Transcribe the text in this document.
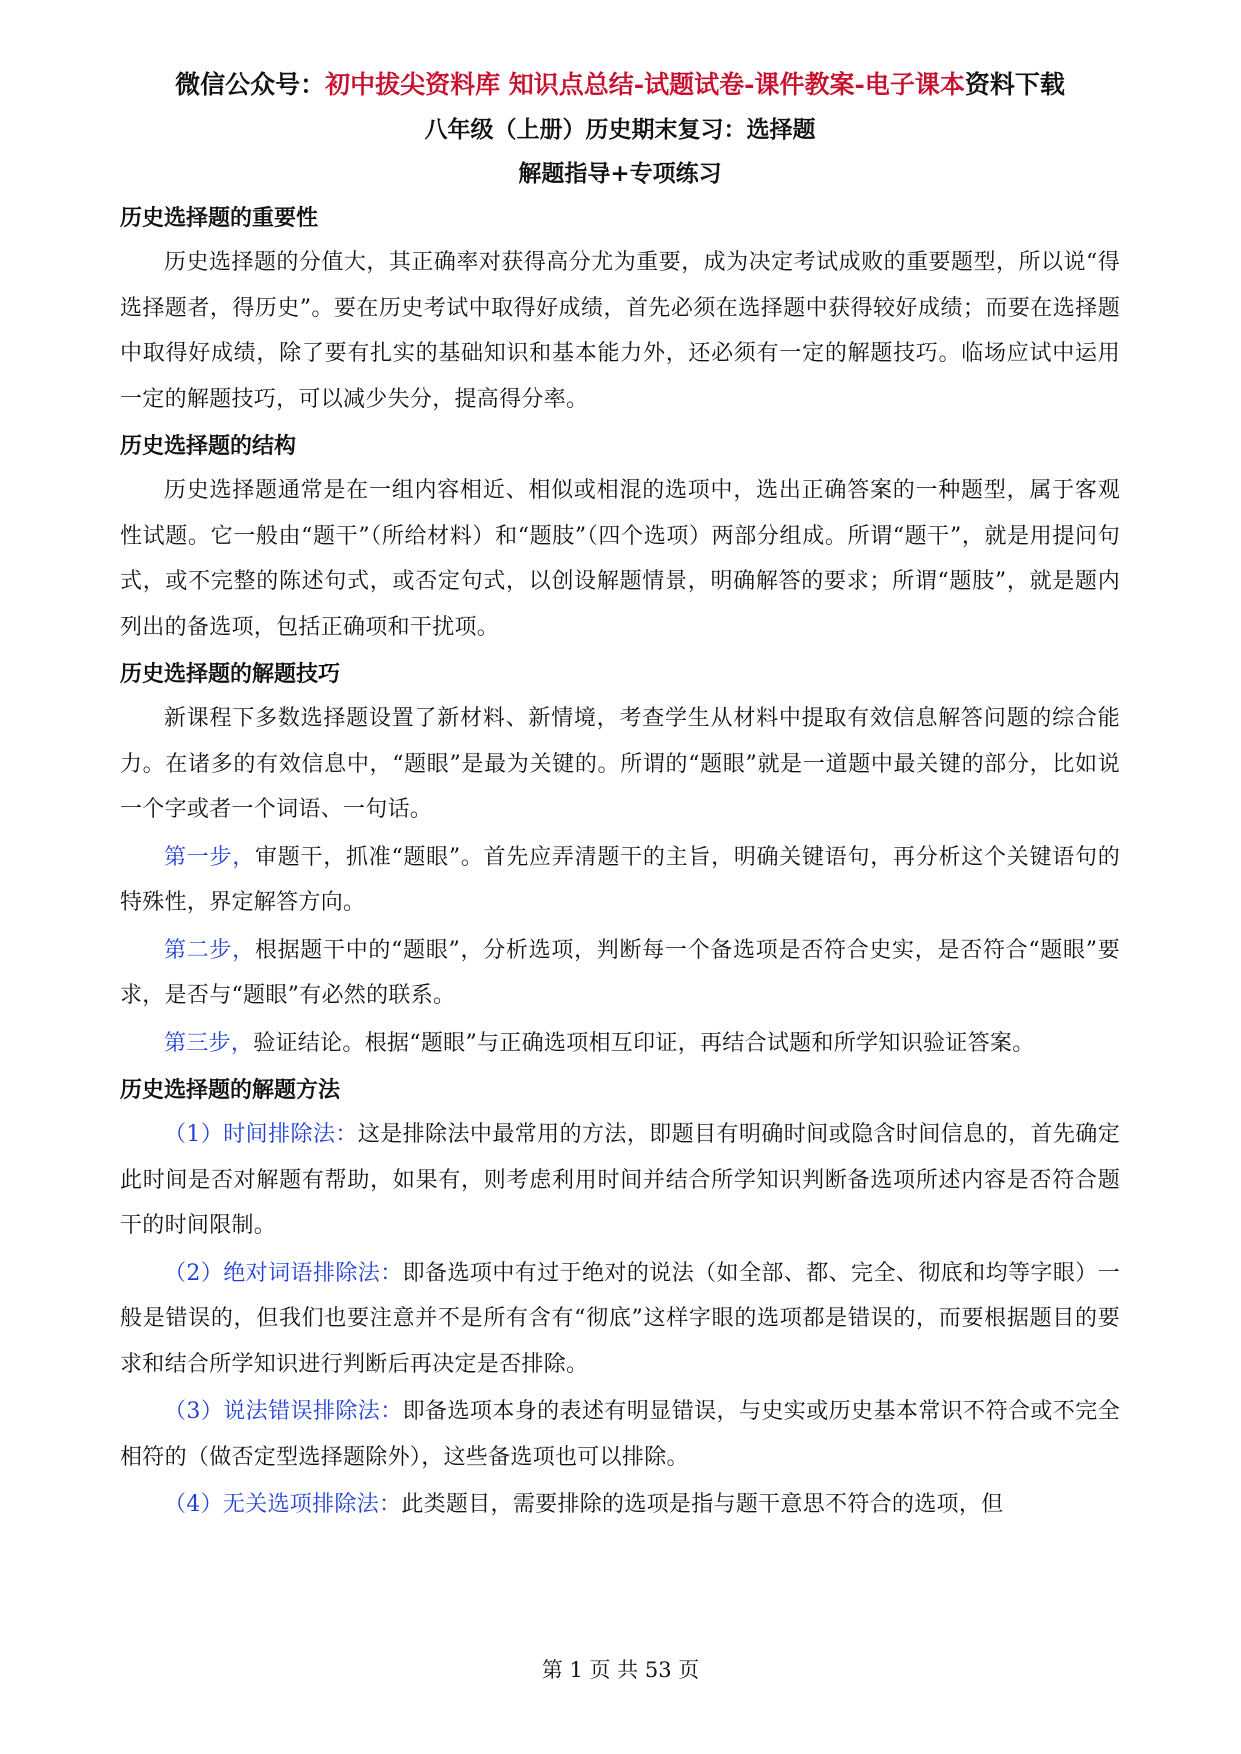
微信公众号：初中拔尖资料库 知识点总结-试题试卷-课件教案-电子课本资料下载
八年级（上册）历史期末复习：选择题
解题指导+专项练习
历史选择题的重要性

历史选择题的分值大，其正确率对获得高分尤为重要，成为决定考试成败的重要题型，所以说“得选择题者，得历史”。要在历史考试中取得好成绩，首先必须在选择题中获得较好成绩；而要在选择题中取得好成绩，除了要有扎实的基础知识和基本能力外，还必须有一定的解题技巧。临场应试中运用一定的解题技巧，可以减少失分，提高得分率。

历史选择题的结构

历史选择题通常是在一组内容相近、相似或相混的选项中，选出正确答案的一种题型，属于客观性试题。它一般由“题干”（所给材料）和“题肢”（四个选项）两部分组成。所谓“题干”，就是用提问句式，或不完整的陈述句式，或否定句式，以创设解题情景，明确解答的要求；所谓“题肢”，就是题内列出的备选项，包括正确项和干扰项。

历史选择题的解题技巧

新课程下多数选择题设置了新材料、新情境，考查学生从材料中提取有效信息解答问题的综合能力。在诸多的有效信息中，“题眼”是最为关键的。所谓的“题眼”就是一道题中最关键的部分，比如说一个字或者一个词语、一句话。

第一步，审题干，抓准“题眼”。首先应弄清题干的主旨，明确关键语句，再分析这个关键语句的特殊性，界定解答方向。

第二步，根据题干中的“题眼”，分析选项，判断每一个备选项是否符合史实，是否符合“题眼”要求，是否与“题眼”有必然的联系。

第三步，验证结论。根据“题眼”与正确选项相互印证，再结合试题和所学知识验证答案。

历史选择题的解题方法

（1）时间排除法：这是排除法中最常用的方法，即题目有明确时间或隐含时间信息的，首先确定此时间是否对解题有帮助，如果有，则考虑利用时间并结合所学知识判断备选项所述内容是否符合题干的时间限制。

（2）绝对词语排除法：即备选项中有过于绝对的说法（如全部、都、完全、彻底和均等字眼）一般是错误的，但我们也要注意并不是所有含有“彻底”这样字眼的选项都是错误的，而要根据题目的要求和结合所学知识进行判断后再决定是否排除。

（3）说法错误排除法：即备选项本身的表述有明显错误，与史实或历史基本常识不符合或不完全相符的（做否定型选择题除外），这些备选项也可以排除。

（4）无关选项排除法：此类题目，需要排除的选项是指与题干意思不符合的选项，但

第 1 页 共 53 页
